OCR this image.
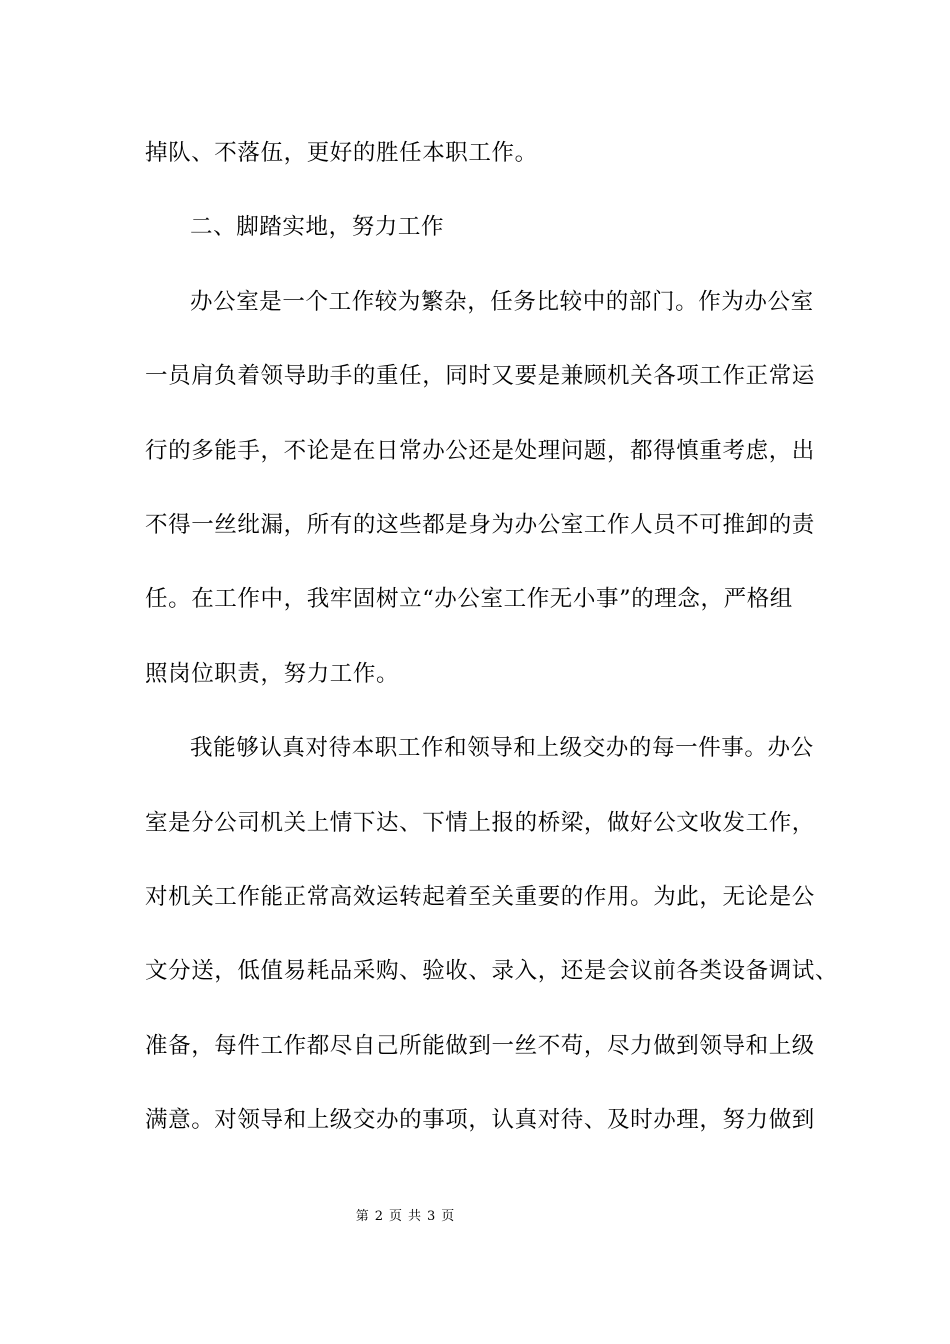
掉队、不落伍，更好的胜任本职工作。

二、脚踏实地，努力工作

办公室是一个工作较为繁杂，任务比较中的部门。作为办公室

一员肩负着领导助手的重任，同时又要是兼顾机关各项工作正常运

行的多能手，不论是在日常办公还是处理问题，都得慎重考虑，出

不得一丝纰漏，所有的这些都是身为办公室工作人员不可推卸的责

任。在工作中，我牢固树立“办公室工作无小事”的理念，严格组

照岗位职责，努力工作。

我能够认真对待本职工作和领导和上级交办的每一件事。办公

室是分公司机关上情下达、下情上报的桥梁，做好公文收发工作，

对机关工作能正常高效运转起着至关重要的作用。为此，无论是公

文分送，低值易耗品采购、验收、录入，还是会议前各类设备调试、

准备，每件工作都尽自己所能做到一丝不苟，尽力做到领导和上级

满意。对领导和上级交办的事项，认真对待、及时办理，努力做到

第 2 页 共 3 页
